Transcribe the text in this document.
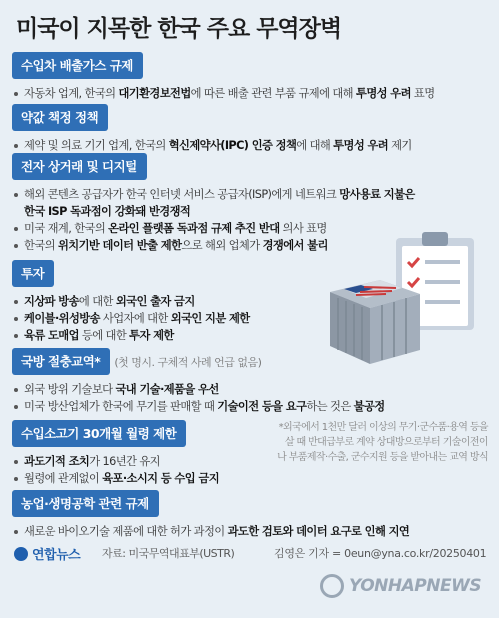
미국이 지목한 한국 주요 무역장벽
수입차 배출가스 규제
자동차 업계, 한국의 대기환경보전법에 따른 배출 관련 부품 규제에 대해 투명성 우려 표명
약값 책정 정책
제약 및 의료 기기 업계, 한국의 혁신제약사(IPC) 인증 정책에 대해 투명성 우려 제기
전자 상거래 및 디지털
해외 콘텐츠 공급자가 한국 인터넷 서비스 공급자(ISP)에게 네트워크 망사용료 지불은
한국 ISP 독과점이 강화돼 반경쟁적
미국 재계, 한국의 온라인 플랫폼 독과점 규제 추진 반대 의사 표명
한국의 위치기반 데이터 반출 제한으로 해외 업체가 경쟁에서 불리
투자
지상파 방송에 대한 외국인 출자 금지
케이블·위성방송 사업자에 대한 외국인 지분 제한
육류 도매업 등에 대한 투자 제한
국방 절충교역* (첫 명시. 구체적 사례 언급 없음)
외국 방위 기술보다 국내 기술·제품을 우선
미국 방산업체가 한국에 무기를 판매할 때 기술이전 등을 요구하는 것은 불공정
수입소고기 30개월 월령 제한
과도기적 조치가 16년간 유지
월령에 관계없이 육포·소시지 등 수입 금지
농업·생명공학 관련 규제
새로운 바이오기술 제품에 대한 허가 과정이 과도한 검토와 데이터 요구로 인해 지연
*외국에서 1천만 달러 이상의 무기·군수품·용역 등을 살 때 반대급부로 계약 상대방으로부터 기술이전이나 부품제작·수출, 군수지원 등을 받아내는 교역 방식
연합뉴스 자료: 미국무역대표부(USTR)	김영은 기자 = 0eun@yna.co.kr/20250401
YONHAPNEWS
